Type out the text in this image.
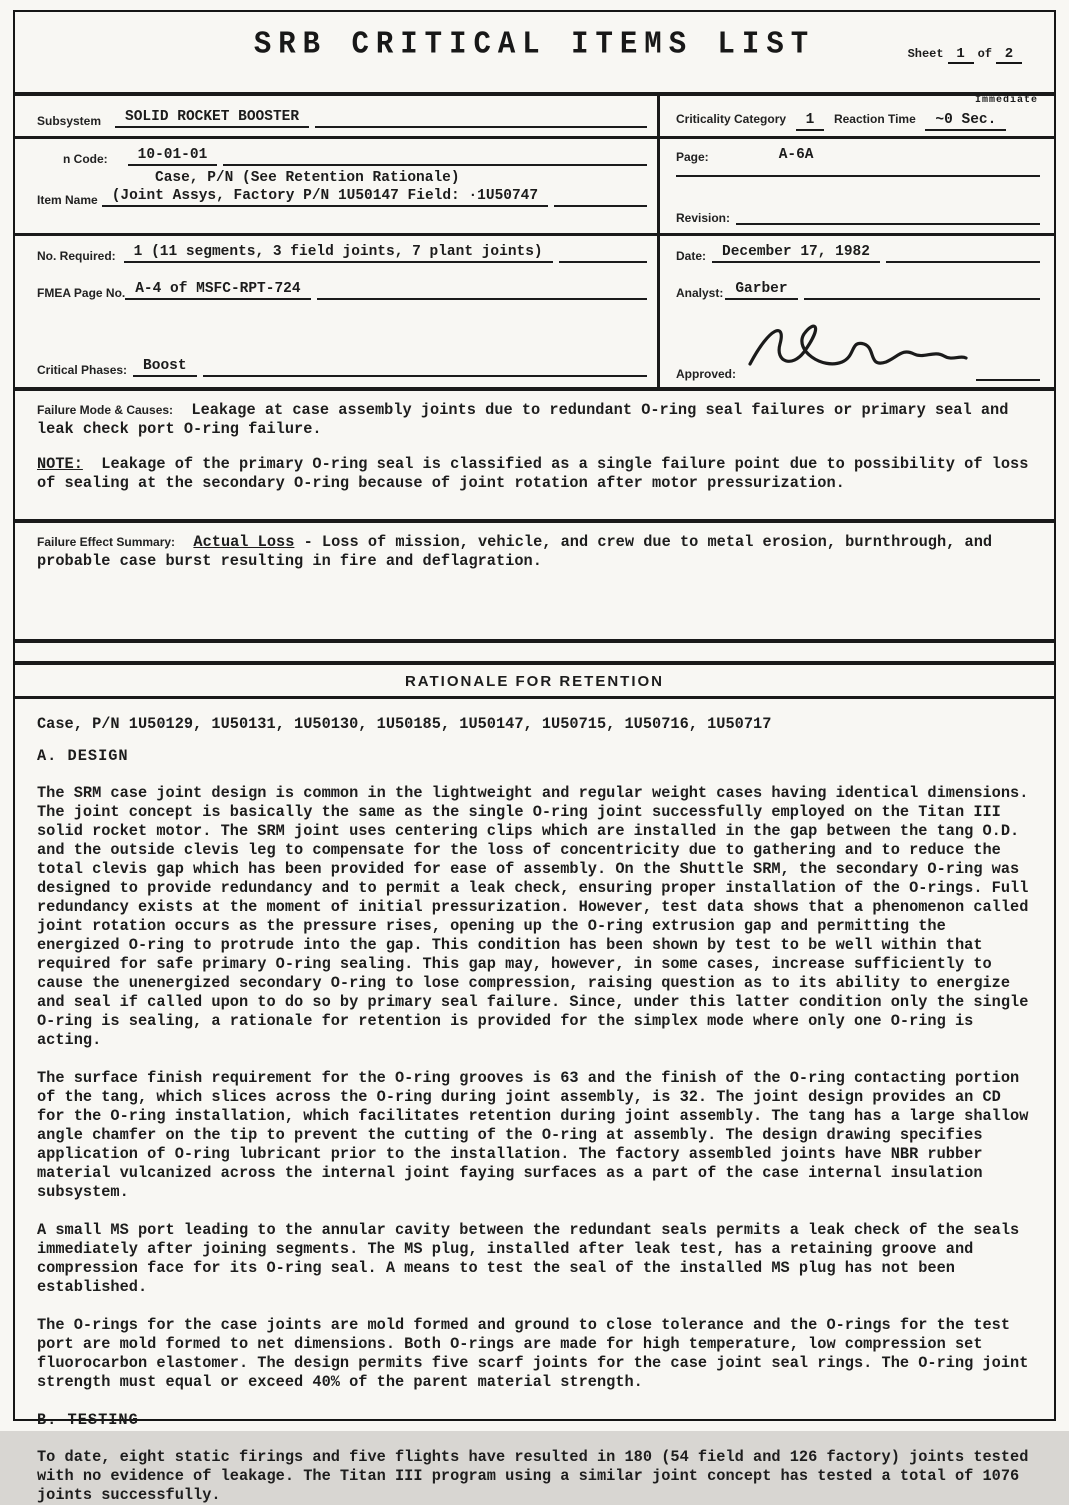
SRB CRITICAL ITEMS LIST	Sheet 1 of 2
Subsystem	SOLID ROCKET BOOSTER
Immediate
Criticality Category 1 Reaction Time ~0 Sec.
n Code:	10-01-01
Case, P/N (See Retention Rationale)
Item Name (Joint Assys, Factory P/N 1U50147 Field: ·1U50747
Page:	A-6A
Revision:
No. Required:	1 (11 segments, 3 field joints, 7 plant joints)	Date:	December 17, 1982
FMEA Page No. A-4 of MSFC-RPT-724	Analyst: Garber
Critical Phases:	Boost	Approved:

Failure Mode & Causes: Leakage at case assembly joints due to redundant O-ring seal failures or primary seal and leak check port O-ring failure.

NOTE: Leakage of the primary O-ring seal is classified as a single failure point due to possibility of loss of sealing at the secondary O-ring because of joint rotation after motor pressurization.

Failure Effect Summary: Actual Loss - Loss of mission, vehicle, and crew due to metal erosion, burnthrough, and probable case burst resulting in fire and deflagration.

RATIONALE FOR RETENTION
Case, P/N 1U50129, 1U50131, 1U50130, 1U50185, 1U50147, 1U50715, 1U50716, 1U50717
A. DESIGN

The SRM case joint design is common in the lightweight and regular weight cases having identical dimensions. The joint concept is basically the same as the single O-ring joint successfully employed on the Titan III solid rocket motor. The SRM joint uses centering clips which are installed in the gap between the tang O.D. and the outside clevis leg to compensate for the loss of concentricity due to gathering and to reduce the total clevis gap which has been provided for ease of assembly. On the Shuttle SRM, the secondary O-ring was designed to provide redundancy and to permit a leak check, ensuring proper installation of the O-rings. Full redundancy exists at the moment of initial pressurization. However, test data shows that a phenomenon called joint rotation occurs as the pressure rises, opening up the O-ring extrusion gap and permitting the energized O-ring to protrude into the gap. This condition has been shown by test to be well within that required for safe primary O-ring sealing. This gap may, however, in some cases, increase sufficiently to cause the unenergized secondary O-ring to lose compression, raising question as to its ability to energize and seal if called upon to do so by primary seal failure. Since, under this latter condition only the single O-ring is sealing, a rationale for retention is provided for the simplex mode where only one O-ring is acting.

The surface finish requirement for the O-ring grooves is 63 and the finish of the O-ring contacting portion of the tang, which slices across the O-ring during joint assembly, is 32. The joint design provides an CD for the O-ring installation, which facilitates retention during joint assembly. The tang has a large shallow angle chamfer on the tip to prevent the cutting of the O-ring at assembly. The design drawing specifies application of O-ring lubricant prior to the installation. The factory assembled joints have NBR rubber material vulcanized across the internal joint faying surfaces as a part of the case internal insulation subsystem.

A small MS port leading to the annular cavity between the redundant seals permits a leak check of the seals immediately after joining segments. The MS plug, installed after leak test, has a retaining groove and compression face for its O-ring seal. A means to test the seal of the installed MS plug has not been established.

The O-rings for the case joints are mold formed and ground to close tolerance and the O-rings for the test port are mold formed to net dimensions. Both O-rings are made for high temperature, low compression set fluorocarbon elastomer. The design permits five scarf joints for the case joint seal rings. The O-ring joint strength must equal or exceed 40% of the parent material strength.

B. TESTING

To date, eight static firings and five flights have resulted in 180 (54 field and 126 factory) joints tested with no evidence of leakage. The Titan III program using a similar joint concept has tested a total of 1076 joints successfully.
